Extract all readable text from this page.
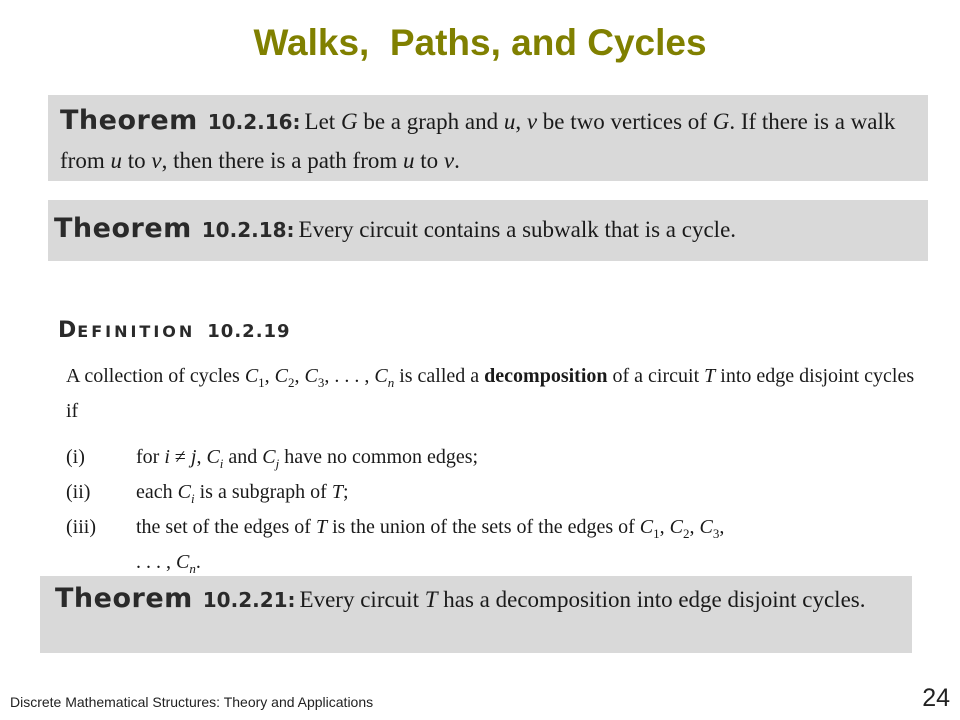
Walks,  Paths, and Cycles
Theorem 10.2.16: Let G be a graph and u, v be two vertices of G. If there is a walk from u to v, then there is a path from u to v.
Theorem 10.2.18: Every circuit contains a subwalk that is a cycle.
DEFINITION 10.2.19

A collection of cycles $C_1$, $C_2$, $C_3$, . . . , $C_n$ is called a decomposition of a circuit T into edge disjoint cycles if

(i)	for i ≠ j, $C_i$ and $C_j$ have no common edges;

(ii)	each $C_i$ is a subgraph of T;

(iii)	the set of the edges of T is the union of the sets of the edges of $C_1$, $C_2$, $C_3$,
. . . , $C_n$.

Theorem 10.2.21: Every circuit T has a decomposition into edge disjoint cycles.
Discrete Mathematical Structures: Theory and Applications	24
